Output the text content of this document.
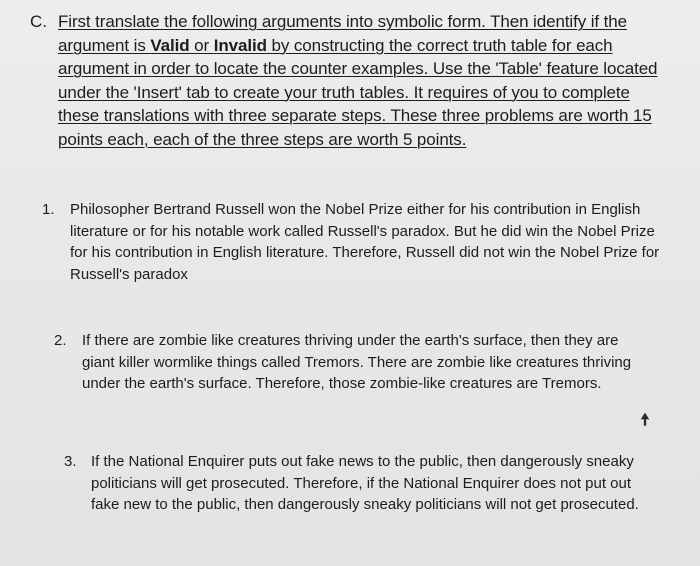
C. First translate the following arguments into symbolic form. Then identify if the argument is Valid or Invalid by constructing the correct truth table for each argument in order to locate the counter examples. Use the 'Table' feature located under the 'Insert' tab to create your truth tables. It requires of you to complete these translations with three separate steps. These three problems are worth 15 points each, each of the three steps are worth 5 points.
1. Philosopher Bertrand Russell won the Nobel Prize either for his contribution in English literature or for his notable work called Russell's paradox. But he did win the Nobel Prize for his contribution in English literature. Therefore, Russell did not win the Nobel Prize for Russell's paradox
2. If there are zombie like creatures thriving under the earth's surface, then they are giant killer wormlike things called Tremors. There are zombie like creatures thriving under the earth's surface. Therefore, those zombie-like creatures are Tremors.
3. If the National Enquirer puts out fake news to the public, then dangerously sneaky politicians will get prosecuted. Therefore, if the National Enquirer does not put out fake new to the public, then dangerously sneaky politicians will not get prosecuted.
